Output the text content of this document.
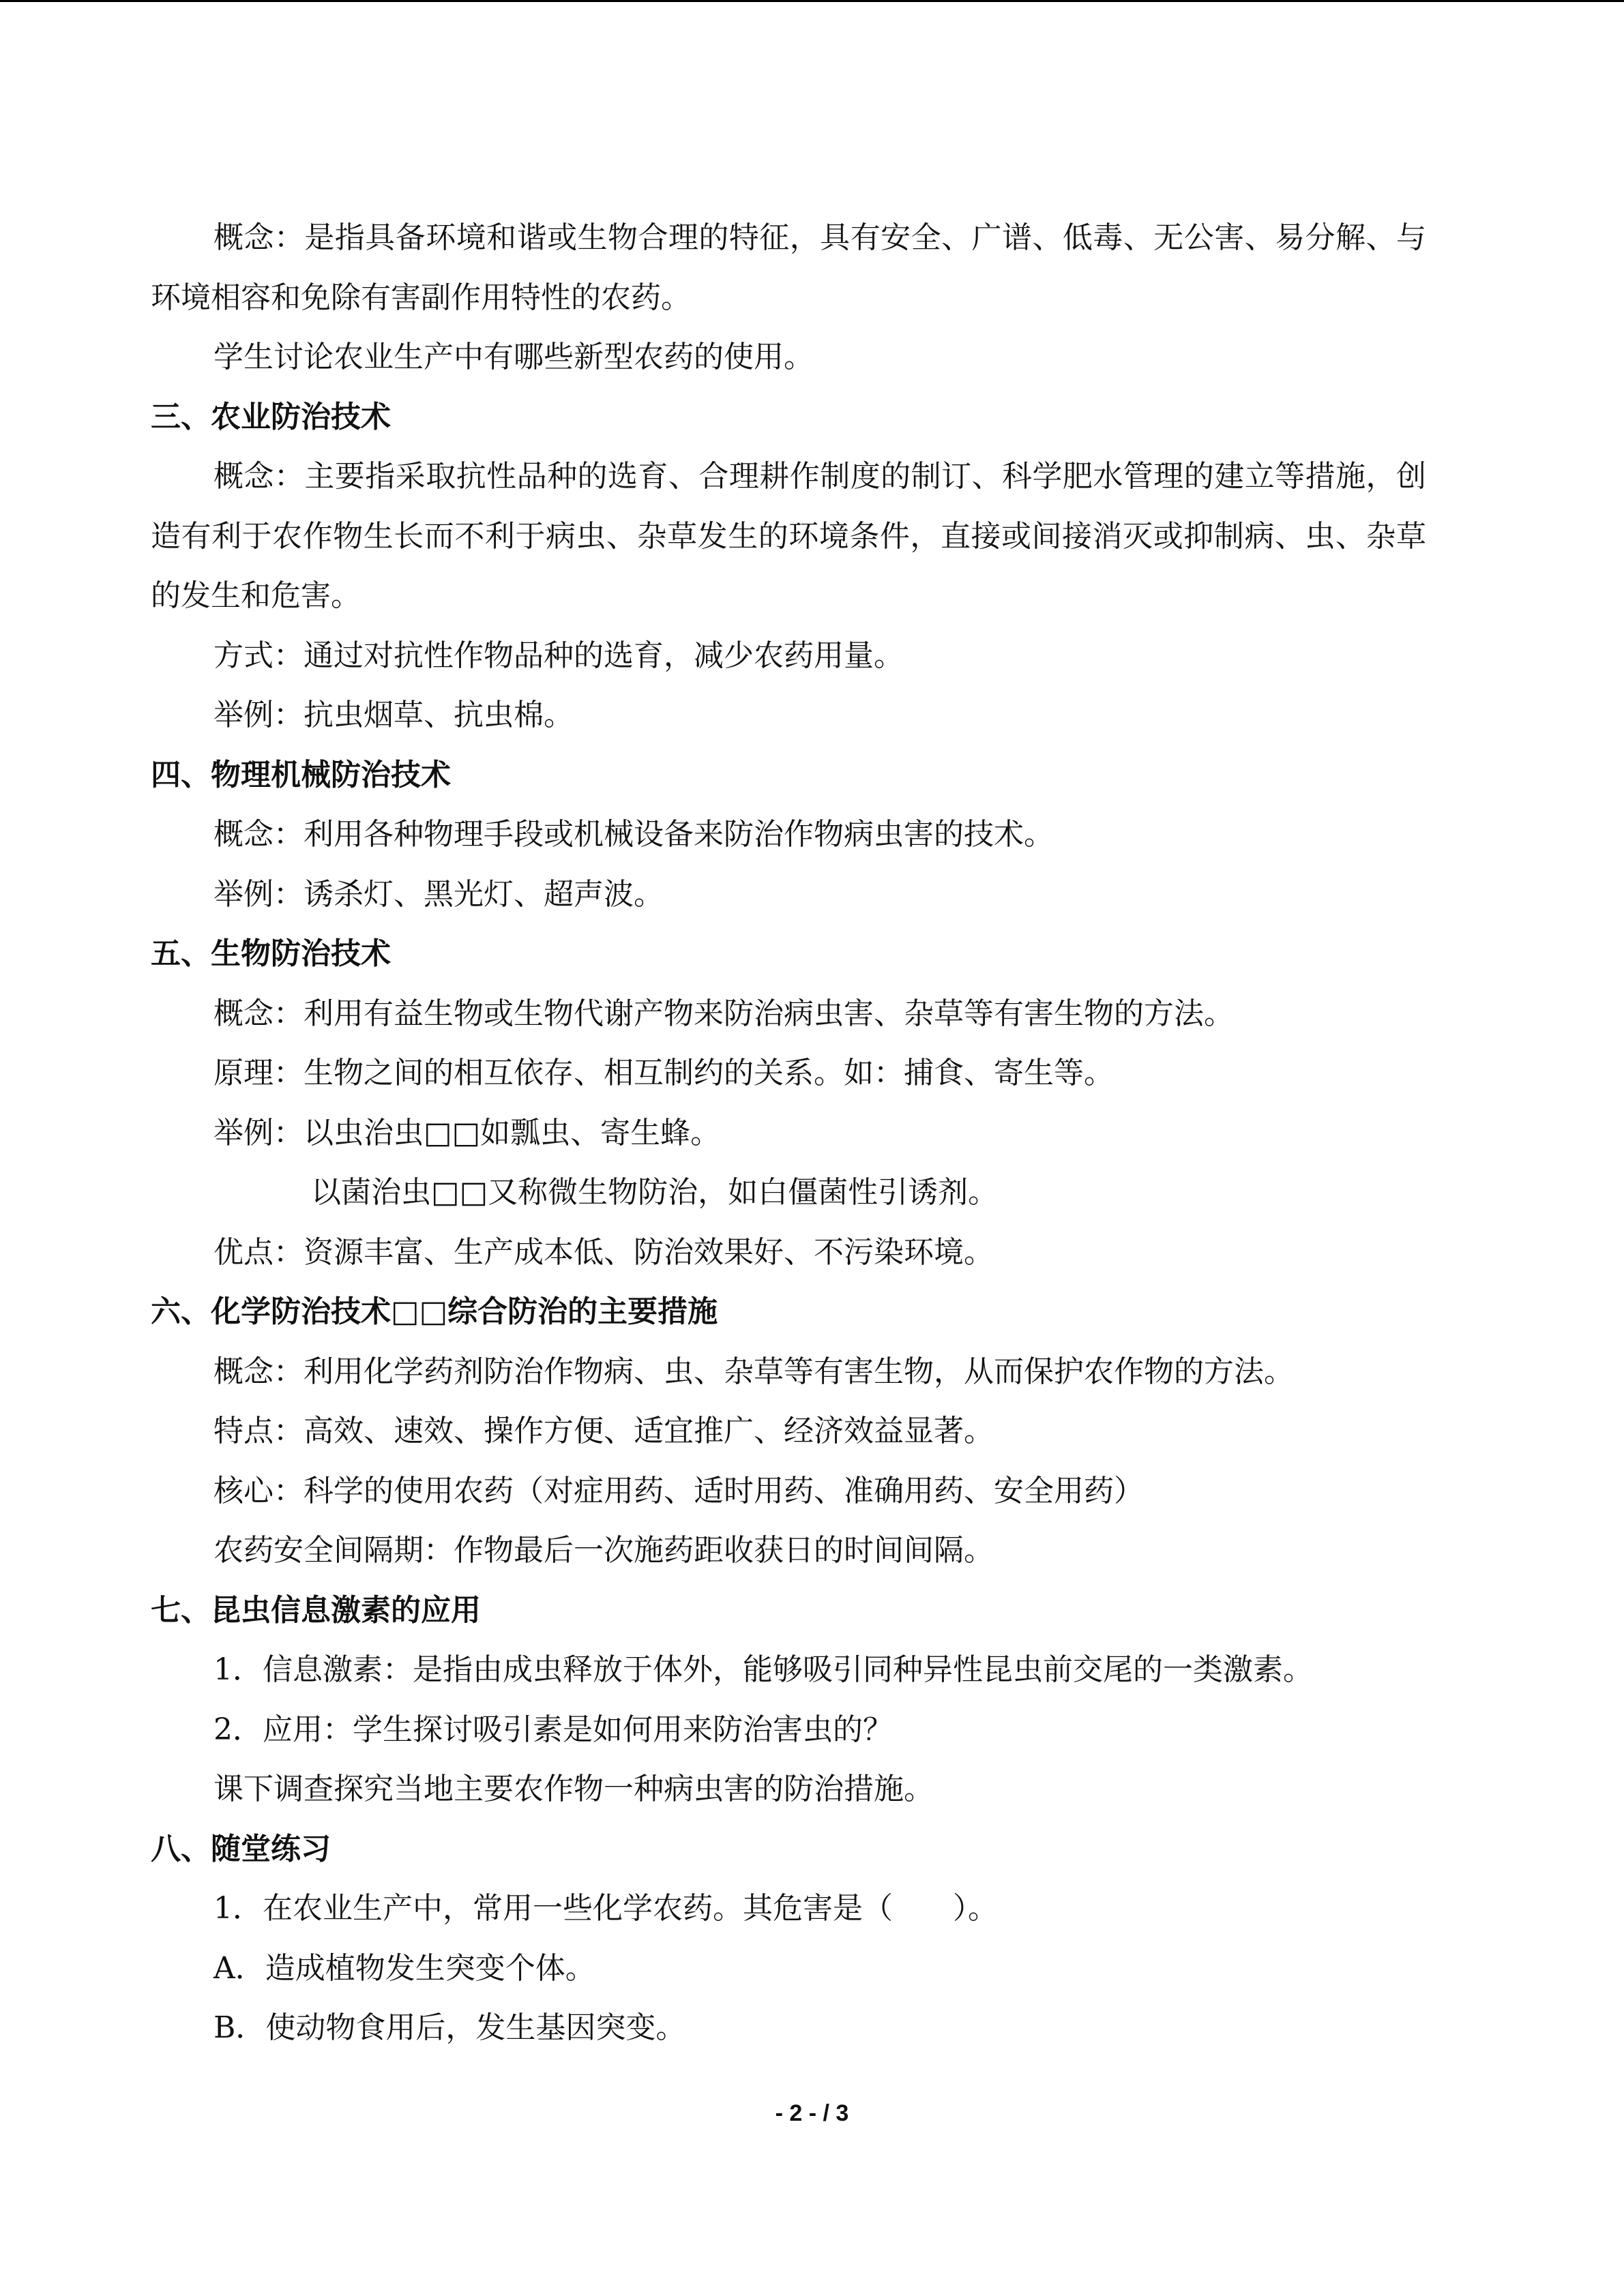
概念：是指具备环境和谐或生物合理的特征，具有安全、广谱、低毒、无公害、易分解、与环境相容和免除有害副作用特性的农药。

学生讨论农业生产中有哪些新型农药的使用。
三、农业防治技术

概念：主要指采取抗性品种的选育、合理耕作制度的制订、科学肥水管理的建立等措施，创造有利于农作物生长而不利于病虫、杂草发生的环境条件，直接或间接消灭或抑制病、虫、杂草的发生和危害。

方式：通过对抗性作物品种的选育，减少农药用量。
举例：抗虫烟草、抗虫棉。
四、物理机械防治技术
概念：利用各种物理手段或机械设备来防治作物病虫害的技术。
举例：诱杀灯、黑光灯、超声波。
五、生物防治技术
概念：利用有益生物或生物代谢产物来防治病虫害、杂草等有害生物的方法。
原理：生物之间的相互依存、相互制约的关系。如：捕食、寄生等。
举例：以虫治虫□□如瓢虫、寄生蜂。
以菌治虫□□又称微生物防治，如白僵菌性引诱剂。
优点：资源丰富、生产成本低、防治效果好、不污染环境。
六、化学防治技术□□综合防治的主要措施
概念：利用化学药剂防治作物病、虫、杂草等有害生物，从而保护农作物的方法。
特点：高效、速效、操作方便、适宜推广、经济效益显著。
核心：科学的使用农药（对症用药、适时用药、准确用药、安全用药）
农药安全间隔期：作物最后一次施药距收获日的时间间隔。
七、昆虫信息激素的应用
1．信息激素：是指由成虫释放于体外，能够吸引同种异性昆虫前交尾的一类激素。
2．应用：学生探讨吸引素是如何用来防治害虫的？
课下调查探究当地主要农作物一种病虫害的防治措施。
八、随堂练习
1．在农业生产中，常用一些化学农药。其危害是（　　）。
A．造成植物发生突变个体。
B．使动物食用后，发生基因突变。
- 2 - / 3
